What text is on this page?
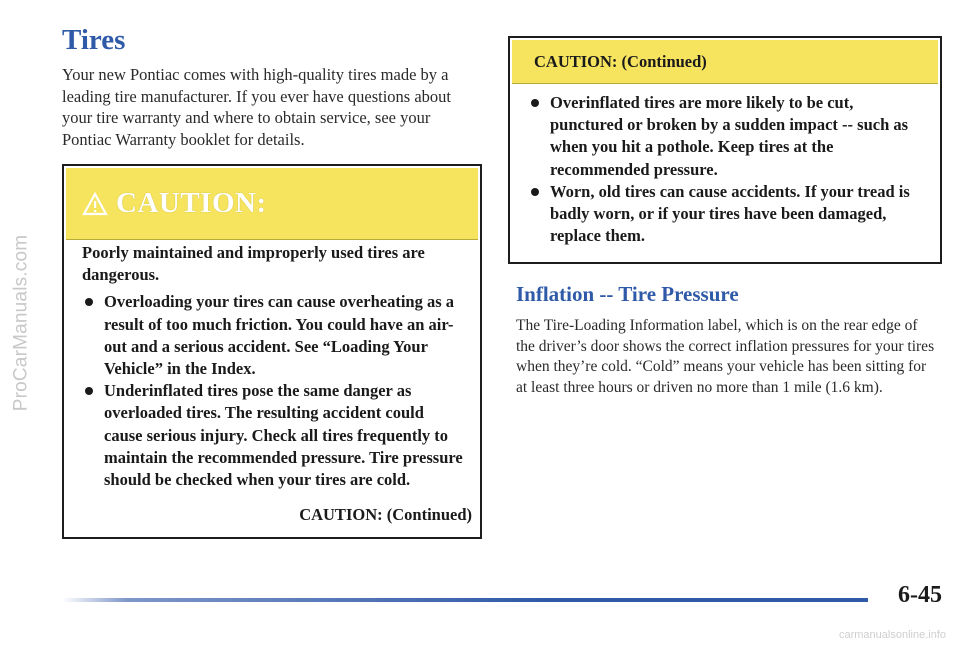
ProCarManuals.com
Tires

Your new Pontiac comes with high-quality tires made by a leading tire manufacturer. If you ever have questions about your tire warranty and where to obtain service, see your Pontiac Warranty booklet for details.

CAUTION:

Poorly maintained and improperly used tires are dangerous.

Overloading your tires can cause overheating as a result of too much friction. You could have an air-out and a serious accident. See “Loading Your Vehicle” in the Index.
Underinflated tires pose the same danger as overloaded tires. The resulting accident could cause serious injury. Check all tires frequently to maintain the recommended pressure. Tire pressure should be checked when your tires are cold.
CAUTION: (Continued)
CAUTION: (Continued)
Overinflated tires are more likely to be cut, punctured or broken by a sudden impact -- such as when you hit a pothole. Keep tires at the recommended pressure.
Worn, old tires can cause accidents. If your tread is badly worn, or if your tires have been damaged, replace them.
Inflation -- Tire Pressure

The Tire-Loading Information label, which is on the rear edge of the driver’s door shows the correct inflation pressures for your tires when they’re cold. “Cold” means your vehicle has been sitting for at least three hours or driven no more than 1 mile (1.6 km).

6-45
carmanualsonline.info
